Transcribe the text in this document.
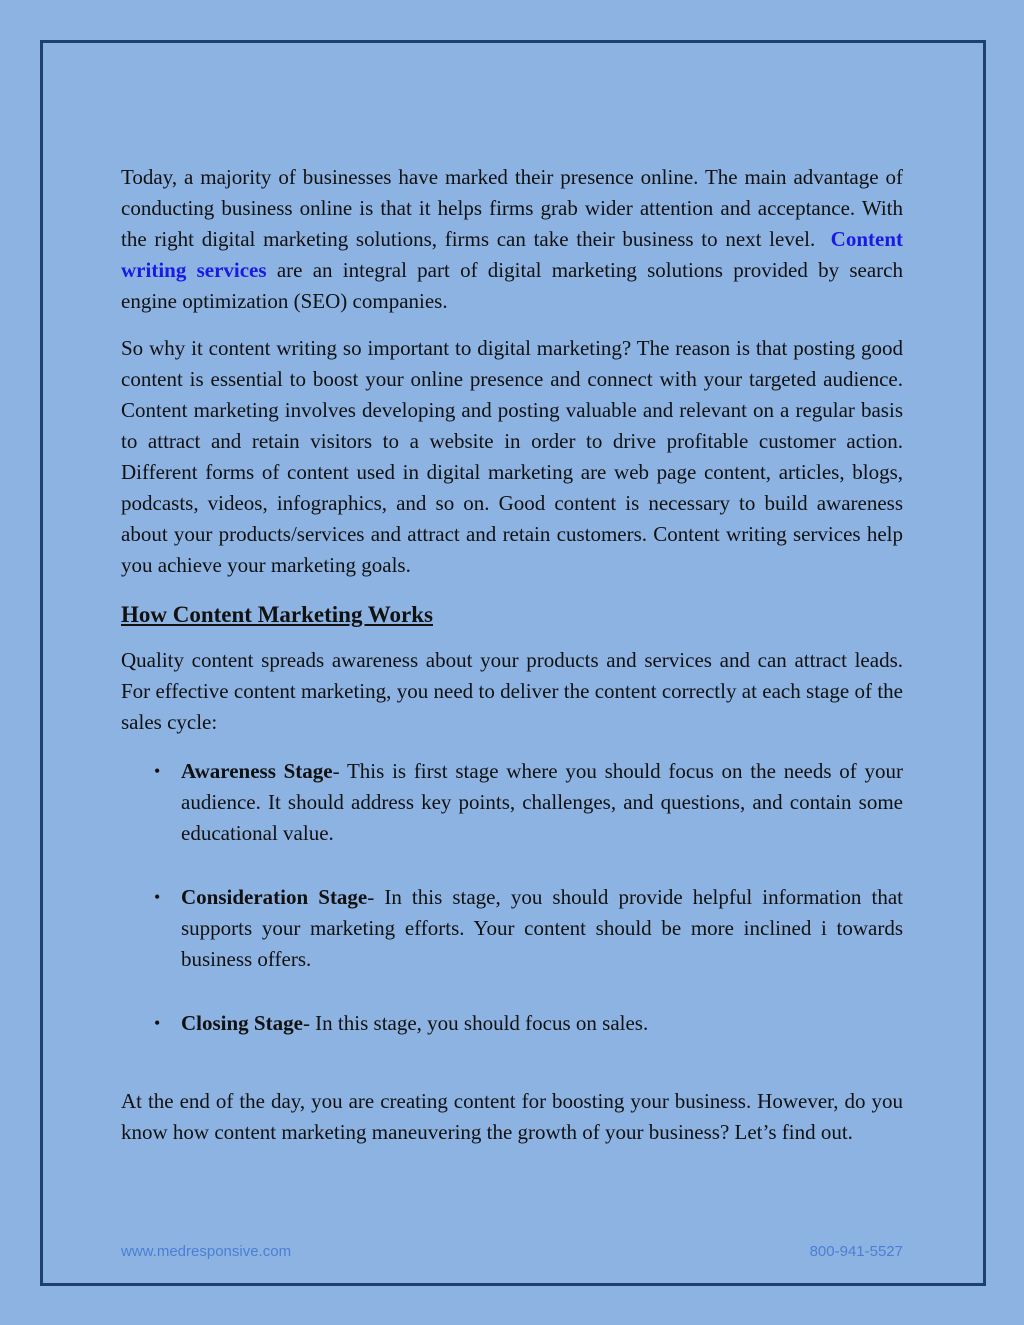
Today, a majority of businesses have marked their presence online. The main advantage of conducting business online is that it helps firms grab wider attention and acceptance. With the right digital marketing solutions, firms can take their business to next level. Content writing services are an integral part of digital marketing solutions provided by search engine optimization (SEO) companies.

So why it content writing so important to digital marketing? The reason is that posting good content is essential to boost your online presence and connect with your targeted audience. Content marketing involves developing and posting valuable and relevant on a regular basis to attract and retain visitors to a website in order to drive profitable customer action. Different forms of content used in digital marketing are web page content, articles, blogs, podcasts, videos, infographics, and so on. Good content is necessary to build awareness about your products/services and attract and retain customers. Content writing services help you achieve your marketing goals.

How Content Marketing Works

Quality content spreads awareness about your products and services and can attract leads. For effective content marketing, you need to deliver the content correctly at each stage of the sales cycle:

• Awareness Stage- This is first stage where you should focus on the needs of your audience. It should address key points, challenges, and questions, and contain some educational value.
• Consideration Stage- In this stage, you should provide helpful information that supports your marketing efforts. Your content should be more inclined i towards business offers.
• Closing Stage- In this stage, you should focus on sales.

At the end of the day, you are creating content for boosting your business. However, do you know how content marketing maneuvering the growth of your business? Let’s find out.

www.medresponsive.com	800-941-5527
